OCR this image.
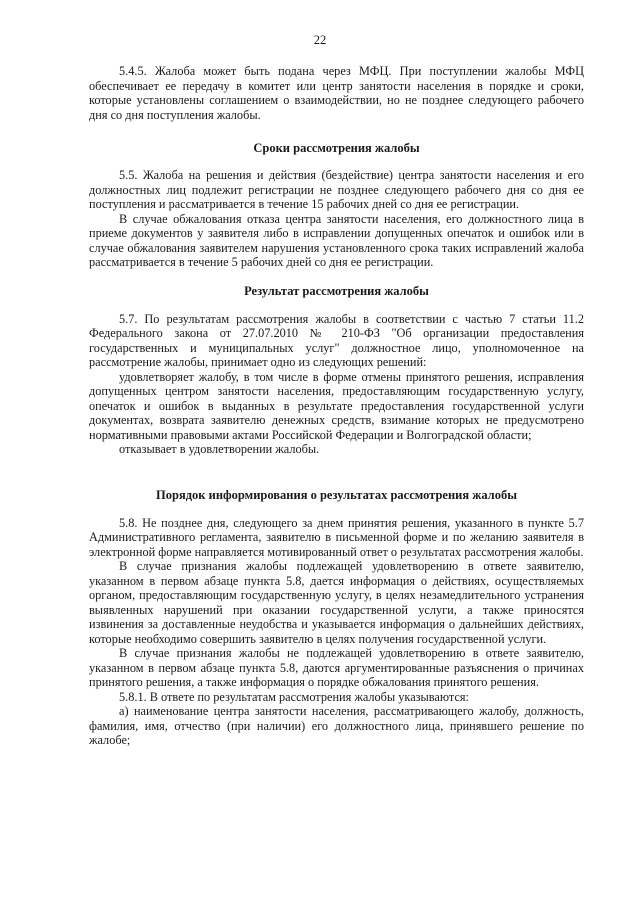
22

5.4.5. Жалоба может быть подана через МФЦ. При поступлении жалобы МФЦ обеспечивает ее передачу в комитет или центр занятости населения в порядке и сроки, которые установлены соглашением о взаимодействии, но не позднее следующего рабочего дня со дня поступления жалобы.

Сроки рассмотрения жалобы

5.5. Жалоба на решения и действия (бездействие) центра занятости населения и его должностных лиц подлежит регистрации не позднее следующего рабочего дня со дня ее поступления и рассматривается в течение 15 рабочих дней со дня ее регистрации.

В случае обжалования отказа центра занятости населения, его должностного лица в приеме документов у заявителя либо в исправлении допущенных опечаток и ошибок или в случае обжалования заявителем нарушения установленного срока таких исправлений жалоба рассматривается в течение 5 рабочих дней со дня ее регистрации.

Результат рассмотрения жалобы

5.7. По результатам рассмотрения жалобы в соответствии с частью 7 статьи 11.2 Федерального закона от 27.07.2010 № 210-ФЗ "Об организации предоставления государственных и муниципальных услуг" должностное лицо, уполномоченное на рассмотрение жалобы, принимает одно из следующих решений:

удовлетворяет жалобу, в том числе в форме отмены принятого решения, исправления допущенных центром занятости населения, предоставляющим государственную услугу, опечаток и ошибок в выданных в результате предоставления государственной услуги документах, возврата заявителю денежных средств, взимание которых не предусмотрено нормативными правовыми актами Российской Федерации и Волгоградской области;

отказывает в удовлетворении жалобы.

Порядок информирования о результатах рассмотрения жалобы

5.8. Не позднее дня, следующего за днем принятия решения, указанного в пункте 5.7 Административного регламента, заявителю в письменной форме и по желанию заявителя в электронной форме направляется мотивированный ответ о результатах рассмотрения жалобы.

В случае признания жалобы подлежащей удовлетворению в ответе заявителю, указанном в первом абзаце пункта 5.8, дается информация о действиях, осуществляемых органом, предоставляющим государственную услугу, в целях незамедлительного устранения выявленных нарушений при оказании государственной услуги, а также приносятся извинения за доставленные неудобства и указывается информация о дальнейших действиях, которые необходимо совершить заявителю в целях получения государственной услуги.

В случае признания жалобы не подлежащей удовлетворению в ответе заявителю, указанном в первом абзаце пункта 5.8, даются аргументированные разъяснения о причинах принятого решения, а также информация о порядке обжалования принятого решения.

5.8.1. В ответе по результатам рассмотрения жалобы указываются:

а) наименование центра занятости населения, рассматривающего жалобу, должность, фамилия, имя, отчество (при наличии) его должностного лица, принявшего решение по жалобе;
